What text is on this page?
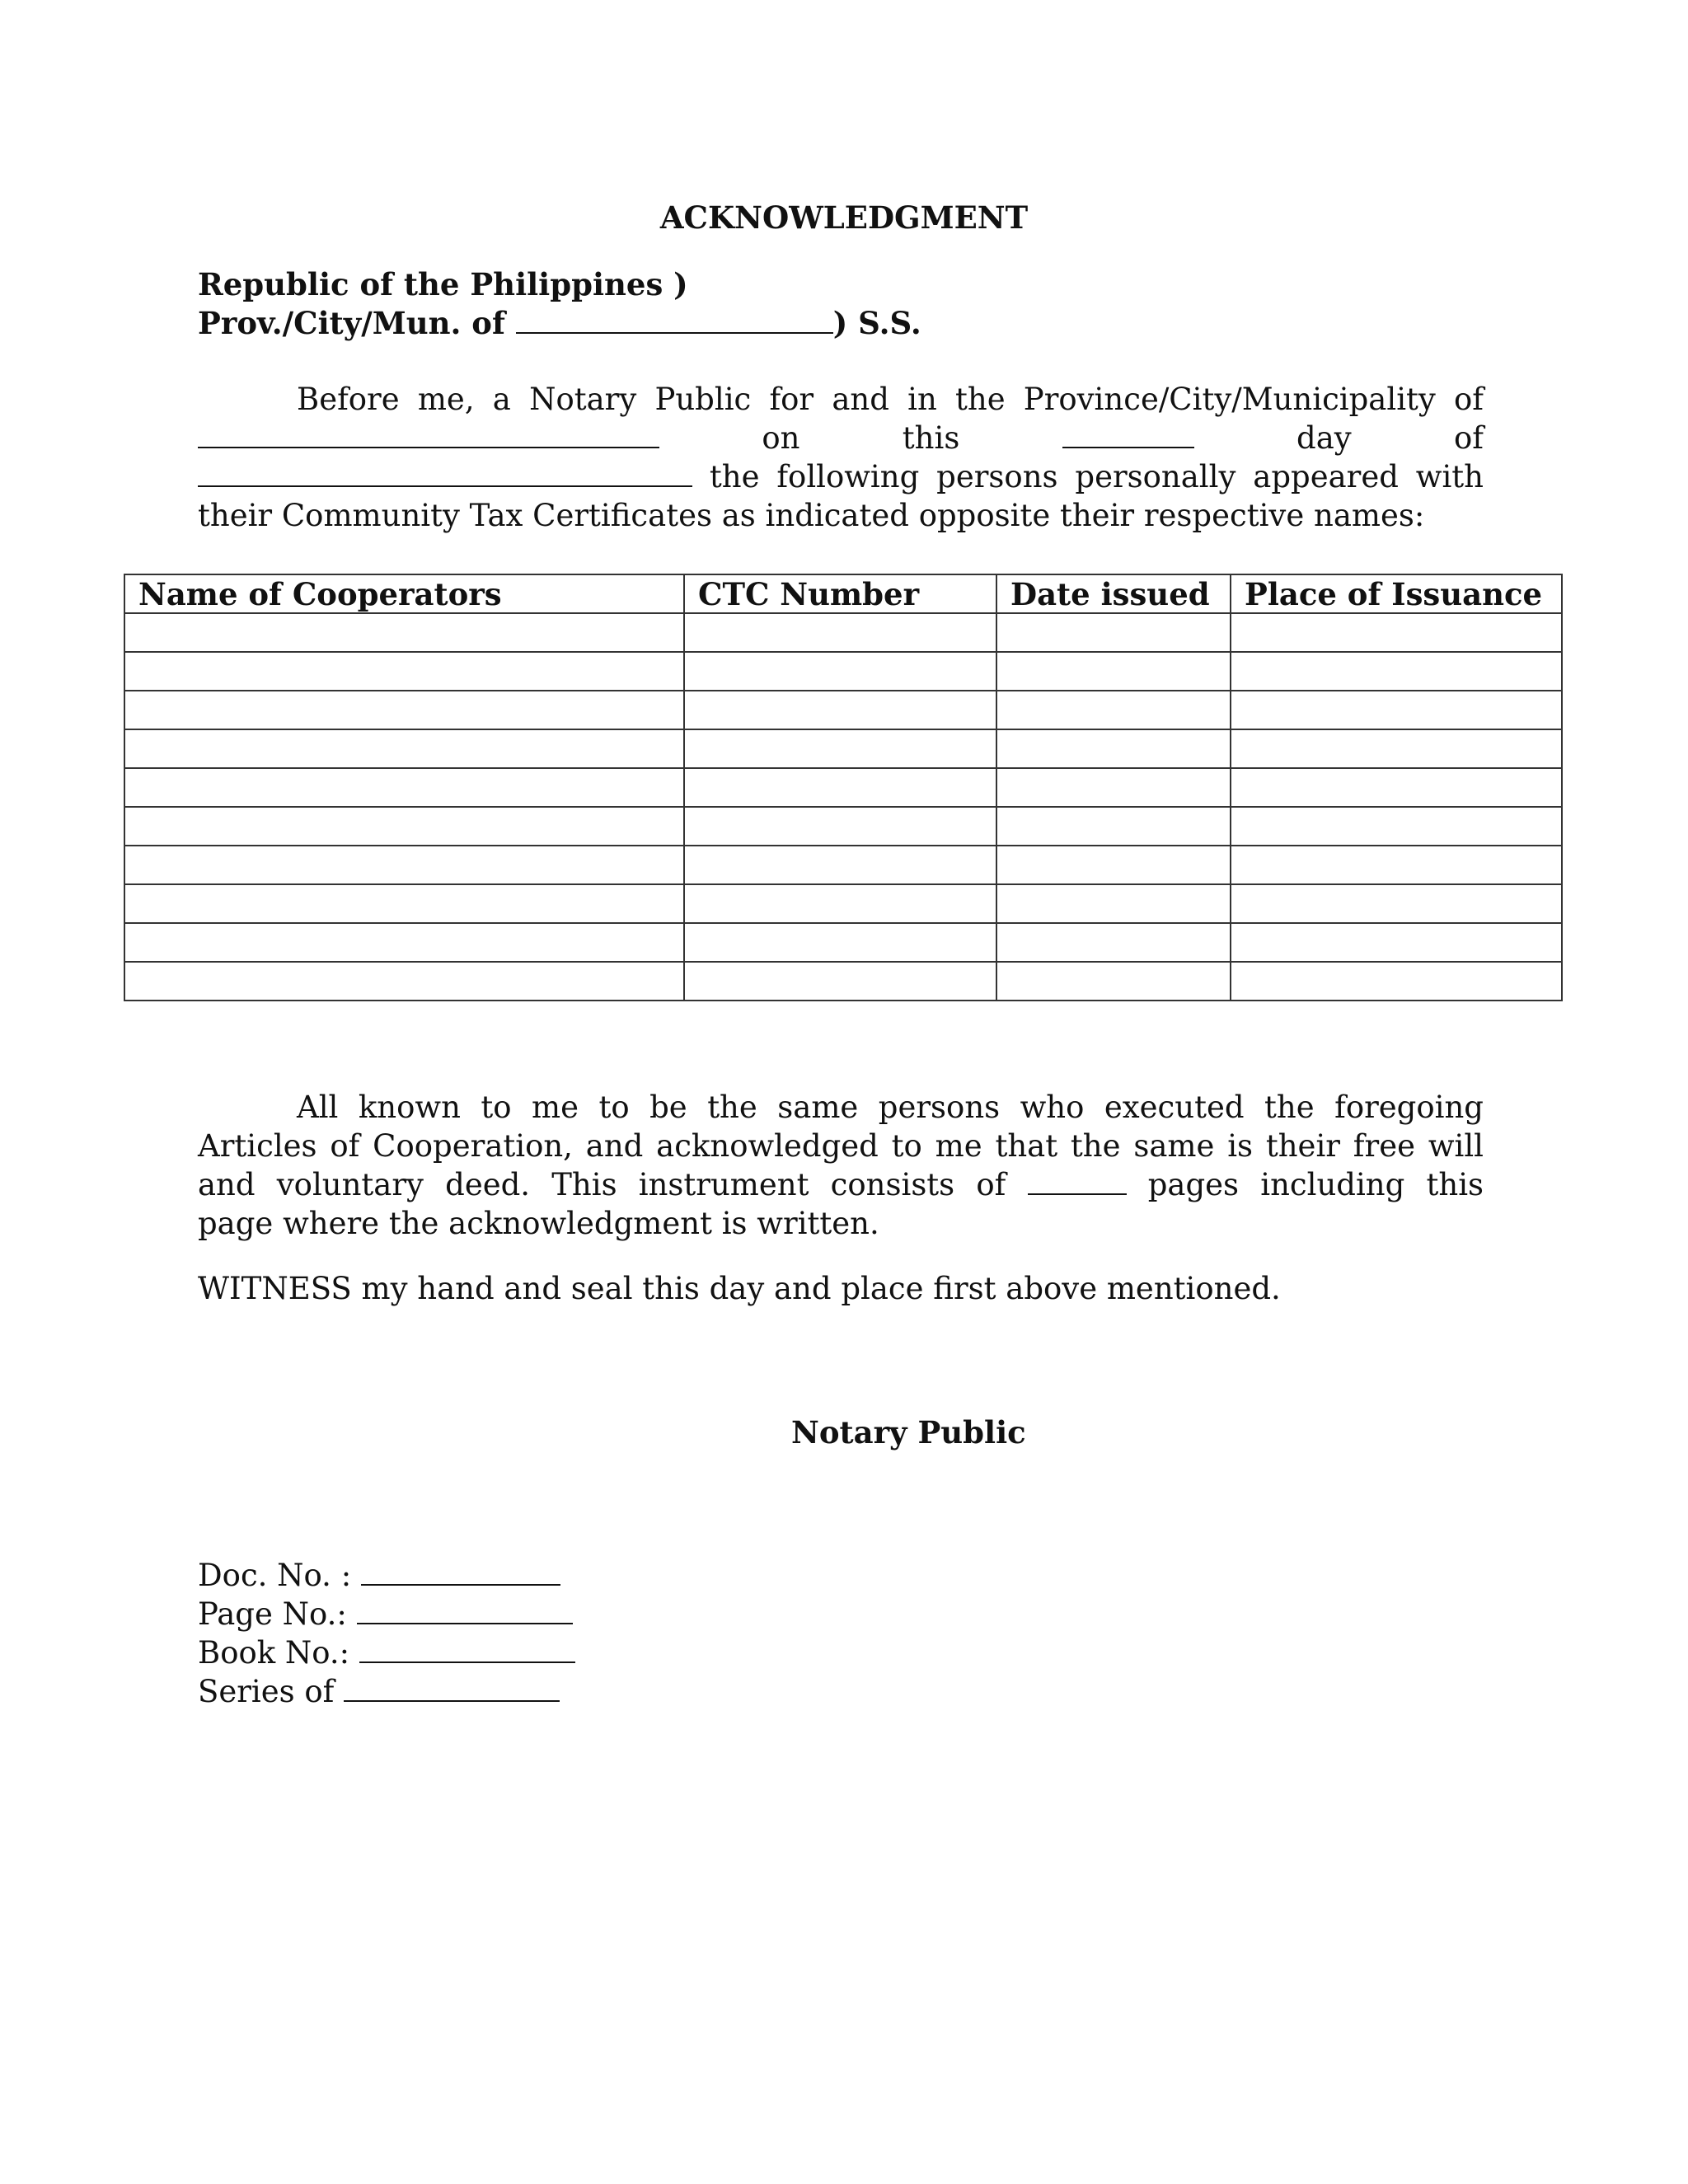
ACKNOWLEDGMENT
Republic of the Philippines )
Prov./City/Mun. of	) S.S.
Before me, a Notary Public for and in the Province/City/Municipality of
on	this	day	of
the following persons personally appeared with
their Community Tax Certificates as indicated opposite their respective names:
Name of Cooperators	CTC Number	Date issued	Place of Issuance

All known to me to be the same persons who executed the foregoing
Articles of Cooperation, and acknowledged to me that the same is their free will
and voluntary deed. This instrument consists of	pages including this
page where the acknowledgment is written.
WITNESS my hand and seal this day and place first above mentioned.
Notary Public
Doc. No. :
Page No.:
Book No.:
Series of
